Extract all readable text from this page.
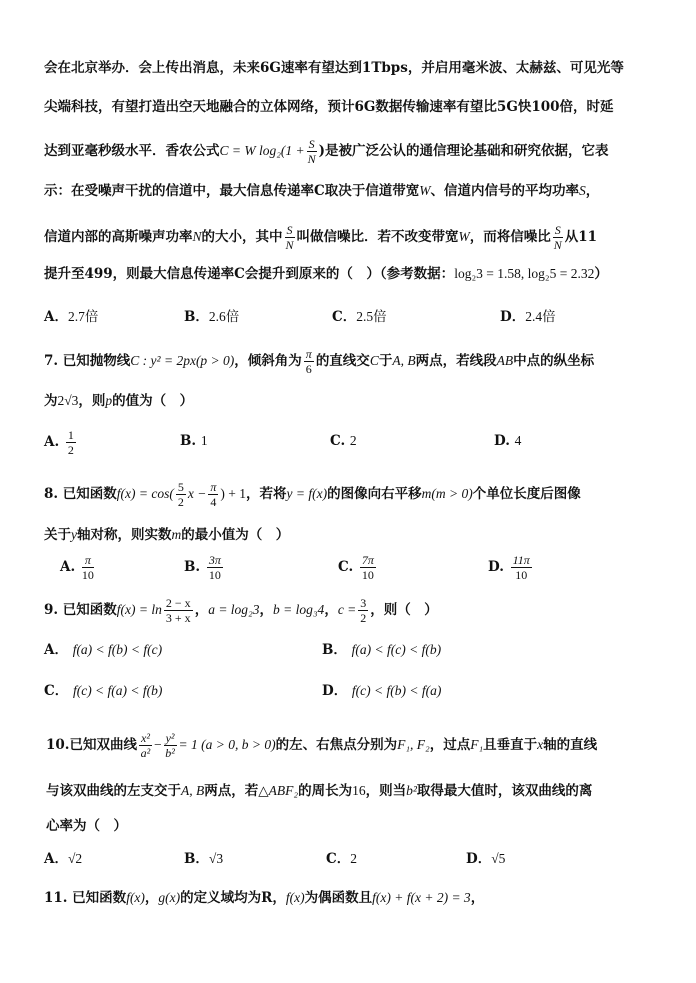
会在北京举办．会上传出消息，未来6G速率有望达到1Tbps，并启用毫米波、太赫兹、可见光等
尖端科技，有望打造出空天地融合的立体网络，预计6G数据传输速率有望比5G快100倍，时延
达到亚毫秒级水平．香农公式C = W $\log_2(1 + \frac{S}{N}$ )是被广泛公认的通信理论基础和研究依据，它表
示：在受噪声干扰的信道中，最大信息传递率C取决于信道带宽W、信道内信号的平均功率S，
信道内部的高斯噪声功率N的大小，其中 $\frac{S}{N}$ 叫做信噪比．若不改变带宽W，而将信噪比 $\frac{S}{N}$ 从11
提升至499，则最大信息传递率C会提升到原来的（　）（参考数据：log₂3 = 1.58, log₂5 = 2.32）
A．2.7倍	B．2.6倍	C．2.5倍	D．2.4倍
7. 已知抛物线C : y² = 2px(p > 0)，倾斜角为 $\frac{\pi}{6}$ 的直线交C于A, B两点，若线段AB中点的纵坐标
为2√3，则p的值为（　）
A. $\frac{1}{2}$	B. 1	C. 2	D. 4
8. 已知函数$f(x) = \cos( \frac{5}{2}$ $x - \frac{\pi}{4}$ ) + 1，若将y = f(x)的图像向右平移m(m > 0)个单位长度后图像
关于y轴对称，则实数m的最小值为（　）
A. $\frac{\pi}{10}$	B. $\frac{3\pi}{10}$	C. $\frac{7\pi}{10}$	D. $\frac{11\pi}{10}$
9. 已知函数$f(x) = \ln \frac{2 - x}{3 + x}$ ，a = log₂3，b = log₃4，$c = \frac{3}{2}$ ，则（　）
A． f(a) < f(b) < f(c)	B． f(a) < f(c) < f(b)
C． f(c) < f(a) < f(b)	D． f(c) < f(b) < f(a)
10.已知双曲线 $\frac{\text{x²}}{\text{a²}} - \frac{\text{y²}}{\text{b²}} = 1$ (a > 0, b > 0)的左、右焦点分别为F₁, F₂，过点F₁且垂直于x轴的直线
与该双曲线的左支交于A, B两点，若△ABF₂的周长为16，则当b²取得最大值时，该双曲线的离
心率为（　）
A．√2	B．√3	C．2	D．√5
11. 已知函数f(x)，g(x)的定义域均为R，f(x)为偶函数且f(x) + f(x + 2) = 3，
